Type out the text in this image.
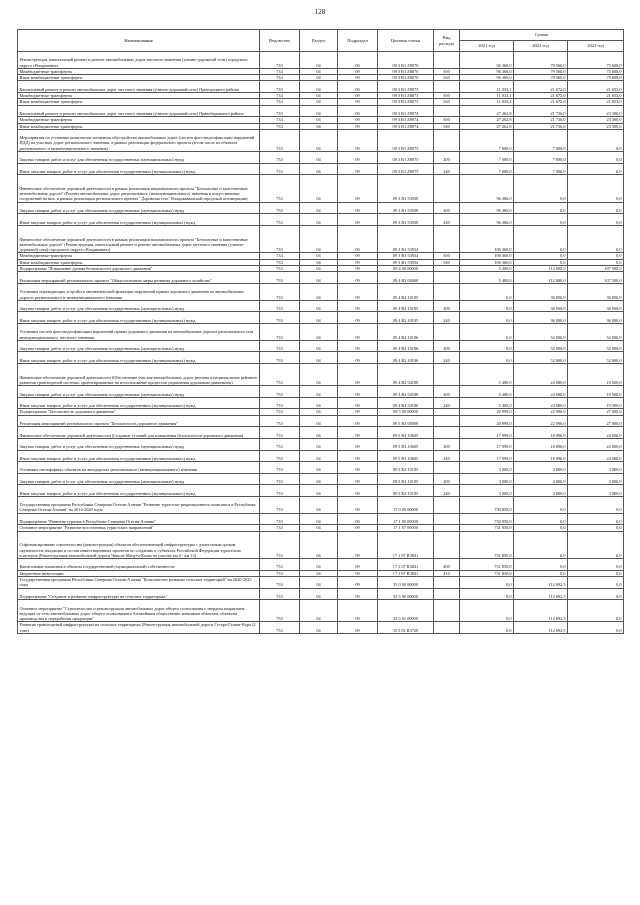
128
Наименование	Ведомство	Раздел	Подраздел	Целевая статья	Вид расхода	Сумма		
						2021 год	2022 год	2023 год
Реконструкция, капитальный ремонт и ремонт автомобильных дорог местного значения (улично-дорожной сети) городского округа г.Владикавказ	733	04	09	09 3 R1 Z8070		96 366,0	79 560,0	75 608,0
Межбюджетные трансферты	733	04	09	09 3 R1 Z8070	500	96 366,0	79 560,0	75 608,0
Иные межбюджетные трансферты	733	04	09	09 3 R1 Z8070	540	96 366,0	79 560,0	75 608,0
Капитальный ремонт и ремонт автомобильных дорог местного значения (улично-дорожной сети) Пригородного района	733	04	09	09 3 R1 Z8073		11 033,1	21 672,0	21 653,0
Межбюджетные трансферты	733	04	09	09 3 R1 Z8073	500	11 033,1	21 672,0	21 653,0
Иные межбюджетные трансферты	733	04	09	09 3 R1 Z8073	540	11 033,1	21 672,0	21 653,0
Капитальный ремонт и ремонт автомобильных дорог местного значения (улично-дорожной сети) Правобережного района	733	04	09	09 3 R1 Z8074		27 262,8	21 736,0	23 300,0
Межбюджетные трансферты	733	04	09	09 3 R1 Z8074	500	27 262,8	21 736,0	23 300,0
Иные межбюджетные трансферты	733	04	09	09 3 R1 Z8074	540	27 262,8	21 736,0	23 300,0
Мероприятия по установке комплектов элементов обустройства автомобильных дорог (систем фото-видеофиксации нарушений ПДД) на участках дорог регионального значения, в рамках реализации федерального проекта (в том числе на объектах регионального и межмуниципального значения)	733	04	09	09 3 R1 Z8075		7 000,0	7 000,0	0,0
Закупка товаров, работ и услуг для обеспечения государственных (муниципальных) нужд	733	04	09	09 3 R1 Z8075	200	7 000,0	7 000,0	0,0
Иные закупки товаров, работ и услуг для обеспечения государственных (муниципальных) нужд	733	04	09	09 3 R1 Z8075	240	7 000,0	7 000,0	0,0
Финансовое обеспечение дорожной деятельности в рамках реализации национального проекта "Безопасные и качественные автомобильные дороги" (Ремонт автомобильных дорог регионального (межмуниципального) значения и искусственных сооружений на них, в рамках реализации регионального проекта "Дорожная сеть" Владикавказской городской агломерации)	733	04	09	09 3 R1 53930		96 366,0	0,0	0,0
Закупка товаров, работ и услуг для обеспечения государственных (муниципальных) нужд	733	04	09	09 3 R1 53930	200	96 366,0	0,0	0,0
Иные закупки товаров, работ и услуг для обеспечения государственных (муниципальных) нужд	733	04	09	09 3 R1 53930	240	96 366,0	0,0	0,0
Финансовое обеспечение дорожной деятельности в рамках реализации национального проекта "Безопасные и качественные автомобильные дороги" (Реконструкция, капитальный ремонт и ремонт автомобильных дорог местного значения (улично-дорожной сети) городского округа г.Владикавказ)	733	04	09	09 3 R1 53934		106 360,0	0,0	0,0
Межбюджетные трансферты	733	04	09	09 3 R1 53934	500	106 360,0	0,0	0,0
Иные межбюджетные трансферты	733	04	09	09 3 R1 53934	540	106 360,0	0,0	0,0
Подпрограмма "Повышение уровня безопасности дорожного движения"	733	04	09	09 4 00 00000		5 400,0	112 680,0	107 500,0
Реализация мероприятий регионального проекта "Общесистемные меры развития дорожного хозяйства"	733	04	09	09 4 R2 00000		5 400,0	112 680,0	107 500,0
Установка ограждающих устройств автоматической фиксации нарушений правил дорожного движения на автомобильных дорогах регионального и межмуниципального значения	733	04	09	09 4 R2 10195		0,0	36 000,0	36 000,0
Закупка товаров, работ и услуг для обеспечения государственных (муниципальных) нужд	733	04	09	09 4 R2 10195	200	0,0	36 000,0	36 000,0
Иные закупки товаров, работ и услуг для обеспечения государственных (муниципальных) нужд	733	04	09	09 4 R2 10195	240	0,0	36 000,0	36 000,0
Установка систем фото-видеофиксации нарушений правил дорожного движения на автомобильных дорогах регионального или межмуниципального, местного значения	733	04	09	09 4 R2 10196		0,0	52 000,0	52 000,0
Закупка товаров, работ и услуг для обеспечения государственных (муниципальных) нужд	733	04	09	09 4 R2 10196	200	0,0	52 000,0	52 000,0
Иные закупки товаров, работ и услуг для обеспечения государственных (муниципальных) нужд	733	04	09	09 4 R2 10196	240	0,0	52 000,0	52 000,0
Финансовое обеспечение дорожной деятельности (Обеспечение участия автомобильных дорог региона в национальном рейтинге развития транспортной системы, ориентированных на использование процессов управления дорожным движением)	733	04	09	09 4 R2 54180		5 400,0	24 680,0	19 500,0
Закупка товаров, работ и услуг для обеспечения государственных (муниципальных) нужд	733	04	09	09 4 R2 54180	200	5 400,0	24 680,0	19 500,0
Иные закупки товаров, работ и услуг для обеспечения государственных (муниципальных) нужд	733	04	09	09 4 R2 54180	240	5 400,0	24 680,0	19 500,0
Подпрограмма "Безопасность дорожного движения"	733	04	09	09 5 00 00000		20 999,0	22 096,0	27 000,0
Реализация мероприятий регионального проекта "Безопасность дорожного движения"	733	04	09	09 5 R3 00000		20 999,0	22 096,0	27 000,0
Финансовое обеспечение дорожной деятельности (Создание условий для повышения безопасности дорожного движения)	733	04	09	09 5 R3 10605		17 999,0	18 096,0	24 000,0
Закупка товаров, работ и услуг для обеспечения государственных (муниципальных) нужд	733	04	09	09 5 R3 10605	200	17 999,0	18 096,0	24 000,0
Иные закупки товаров, работ и услуг для обеспечения государственных (муниципальных) нужд	733	04	09	09 5 R3 10605	240	17 999,0	18 096,0	24 000,0
Установка светофорных объектов на автодорогах регионального (межмуниципального) значения	733	04	09	09 5 R3 10195		3 000,0	4 000,0	3 000,0
Закупка товаров, работ и услуг для обеспечения государственных (муниципальных) нужд	733	04	09	09 5 R3 10195	200	3 000,0	4 000,0	3 000,0
Иные закупки товаров, работ и услуг для обеспечения государственных (муниципальных) нужд	733	04	09	09 5 R3 10195	240	3 000,0	4 000,0	3 000,0
Государственная программа Республики Северная Осетия-Алания "Развитие туристско-рекреационного комплекса в Республике Северная Осетия-Алания" на 2014-2020 годы	733	04	09	17 0 00 00000		730 850,0	0,0	0,0
Подпрограмма "Развитие туризма в Республике Северная Осетия-Алания"	733	04	09	17 1 00 00000		730 850,0	0,0	0,0
Основное мероприятие "Развитие всесезонных туристских направлений"	733	04	09	17 1 07 00000		731 850,0	0,0	0,0
Софинансирование строительства (реконструкции) объектов обеспечивающей инфраструктуры с длительным сроком окупаемости, входящих в состав инвестиционных проектов по созданию в субъектах Российской Федерации туристских кластеров (Реконструкция автомобильной дороги Чикола-Мацута-Комы на участке км 0 - км 13)	733	04	09	17 1 07 R3841		731 850,0	0,0	0,0
Капитальные вложения в объекты государственной (муниципальной) собственности	733	04	09	17 1 07 R3841	400	731 850,0	0,0	0,0
Бюджетные инвестиции	733	04	09	17 1 07 R3841	410	731 850,0	0,0	0,0
Государственная программа Республики Северная Осетия-Алания "Комплексное развитие сельских территорий" на 2020-2025 годы	733	04	09	35 0 00 00000		0,0	112 692,5	0,0
Подпрограмма "Создание и развитие инфраструктуры на сельских территориях"	733	04	09	35 5 00 00000		0,0	112 692,5	0,0
Основное мероприятие "Строительство и реконструкция автомобильных дорог общего пользования с твердым покрытием, ведущих от сети автомобильных дорог общего пользования к ближайшим общественно значимым объектам, объектам производства и переработки продукции"	733	04	09	35 5 01 00000		0,0	112 692,5	0,0
Развитие транспортной инфраструктуры на сельских территориях (Реконструкция автомобильной дороги Гусара-Галиат-Кора (2 этап)	733	04	09	35 5 01 R3720		0,0	112 692,5	0,0
